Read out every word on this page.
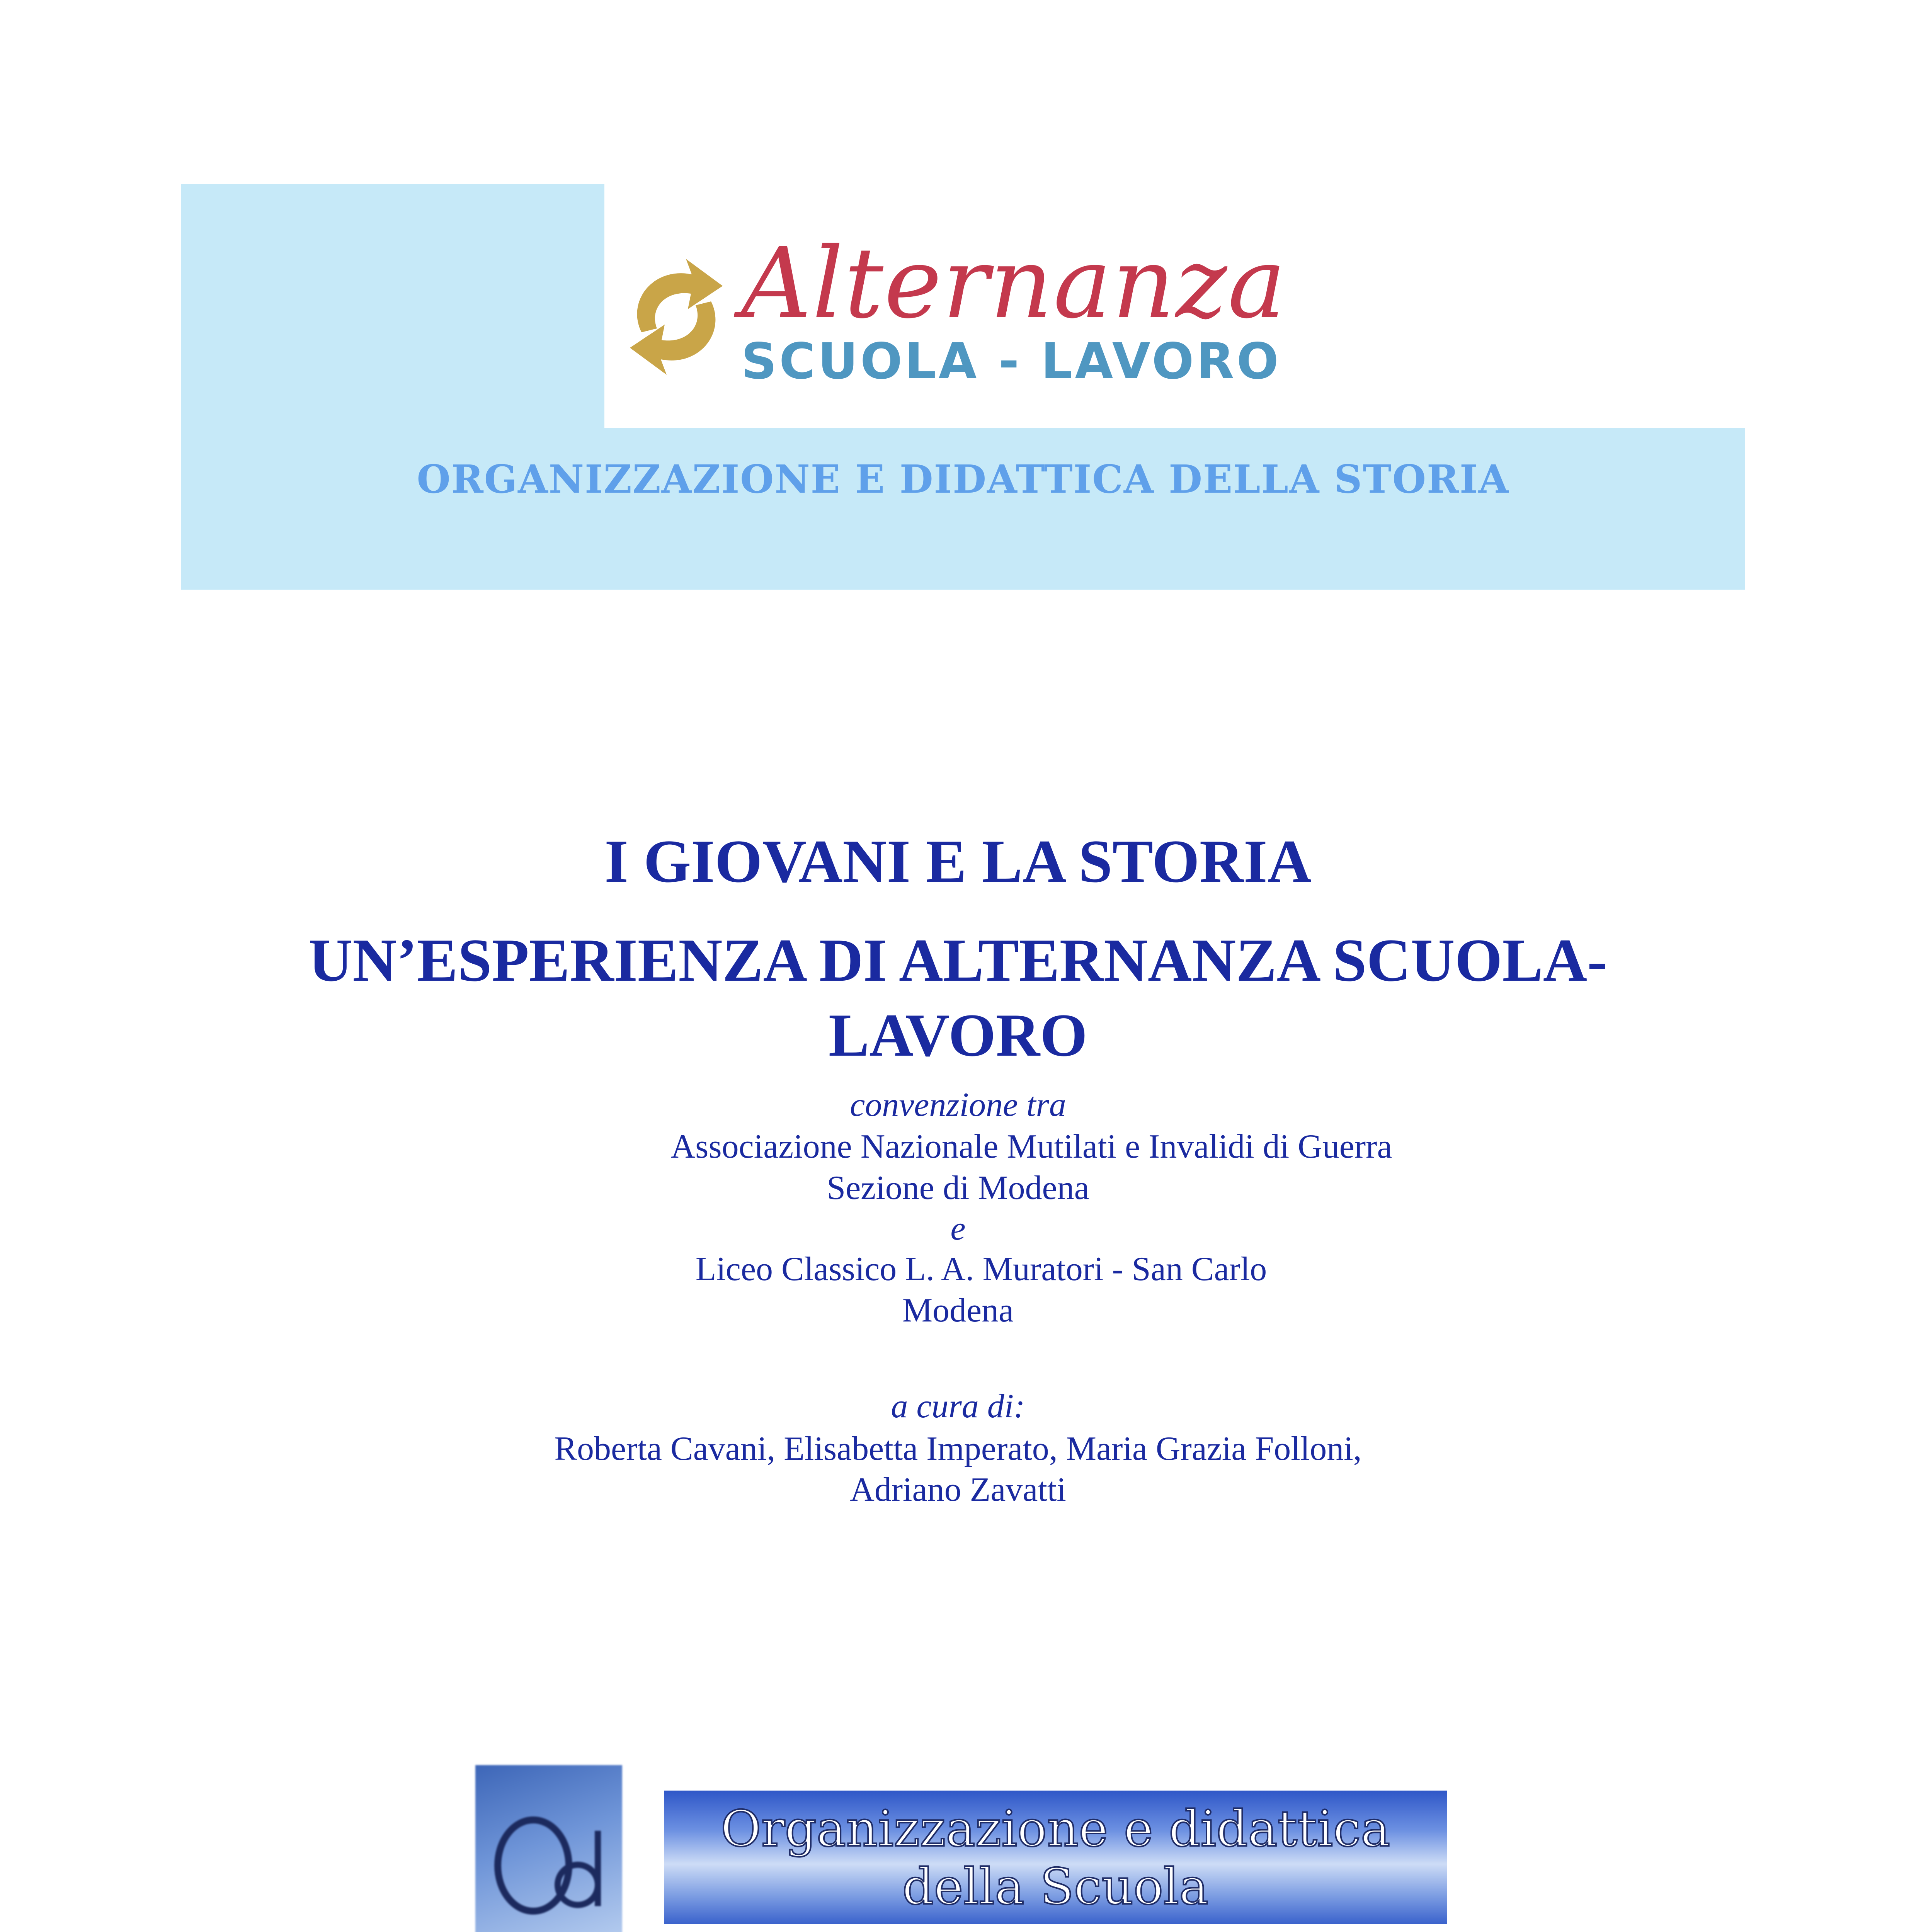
Alternanza
SCUOLA - LAVORO
ORGANIZZAZIONE E DIDATTICA DELLA STORIA
I GIOVANI E LA STORIA
UN’ESPERIENZA DI ALTERNANZA SCUOLA-
LAVORO
convenzione tra
Associazione Nazionale Mutilati e Invalidi di Guerra
Sezione di Modena
e
Liceo Classico L. A. Muratori - San Carlo
Modena
a cura di:
Roberta Cavani, Elisabetta Imperato, Maria Grazia Folloni,
Adriano Zavatti
Organizzazione e didattica
della Scuola
